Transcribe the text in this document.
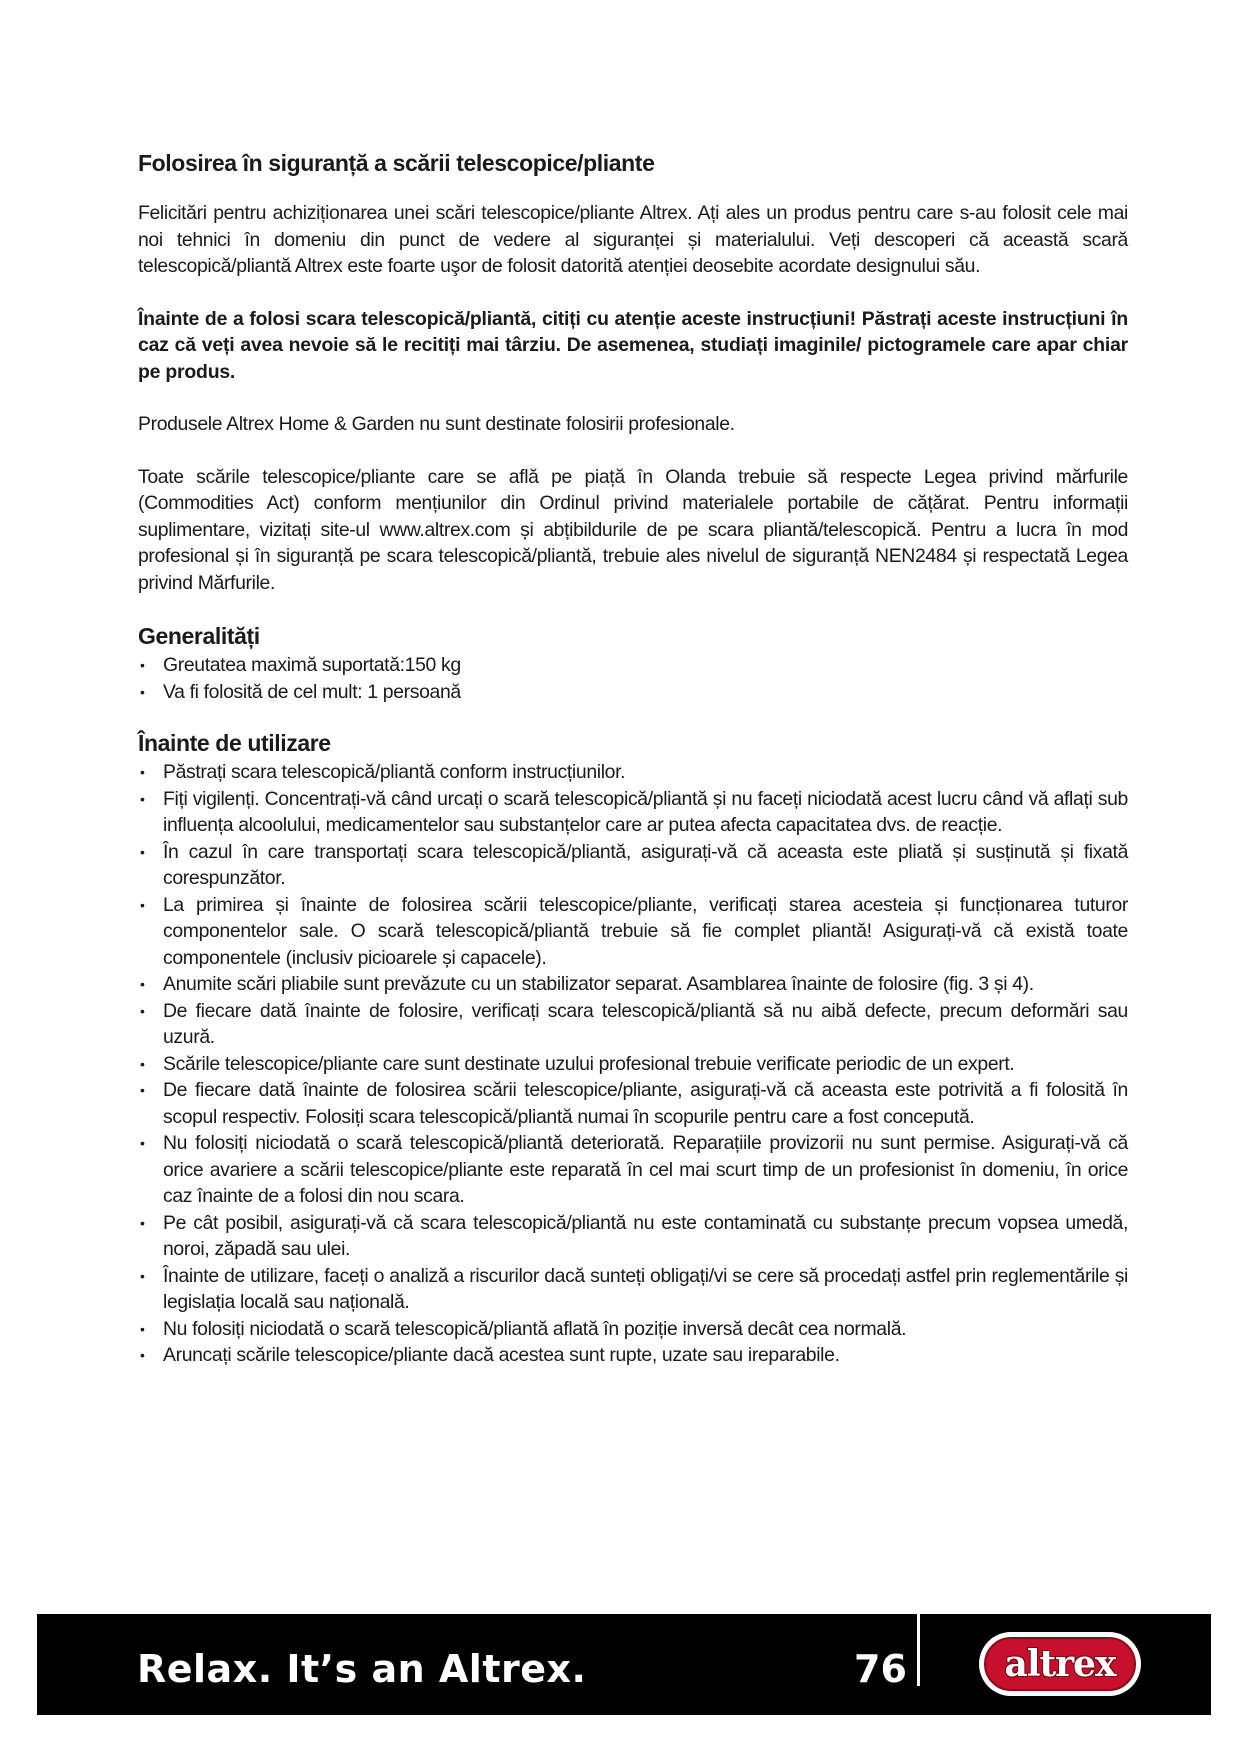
Folosirea în siguranță a scării telescopice/pliante

Felicitări pentru achiziționarea unei scări telescopice/pliante Altrex. Ați ales un produs pentru care s-au folosit cele mai noi tehnici în domeniu din punct de vedere al siguranței și materialului. Veți descoperi că această scară telescopică/pliantă Altrex este foarte uşor de folosit datorită atenției deosebite acordate designului său.

Înainte de a folosi scara telescopică/pliantă, citiți cu atenție aceste instrucțiuni! Păstrați aceste instrucțiuni în caz că veți avea nevoie să le recitiți mai târziu. De asemenea, studiați imaginile/ pictogramele care apar chiar pe produs.

Produsele Altrex Home & Garden nu sunt destinate folosirii profesionale.

Toate scările telescopice/pliante care se află pe piață în Olanda trebuie să respecte Legea privind mărfurile (Commodities Act) conform mențiunilor din Ordinul privind materialele portabile de cățărat. Pentru informații suplimentare, vizitați site-ul www.altrex.com și abțibildurile de pe scara pliantă/telescopică. Pentru a lucra în mod profesional și în siguranță pe scara telescopică/pliantă, trebuie ales nivelul de siguranță NEN2484 și respectată Legea privind Mărfurile.

Generalități
• Greutatea maximă suportată:150 kg
• Va fi folosită de cel mult: 1 persoană
Înainte de utilizare
• Păstrați scara telescopică/pliantă conform instrucțiunilor.
• Fiți vigilenți. Concentrați-vă când urcați o scară telescopică/pliantă și nu faceți niciodată acest lucru când vă aflați sub influența alcoolului, medicamentelor sau substanțelor care ar putea afecta capacitatea dvs. de reacție.
• În cazul în care transportați scara telescopică/pliantă, asigurați-vă că aceasta este pliată și susținută și fixată corespunzător.
• La primirea și înainte de folosirea scării telescopice/pliante, verificați starea acesteia și funcționarea tuturor componentelor sale. O scară telescopică/pliantă trebuie să fie complet pliantă! Asigurați-vă că există toate componentele (inclusiv picioarele și capacele).
• Anumite scări pliabile sunt prevăzute cu un stabilizator separat. Asamblarea înainte de folosire (fig. 3 și 4).
• De fiecare dată înainte de folosire, verificați scara telescopică/pliantă să nu aibă defecte, precum deformări sau uzură.
• Scările telescopice/pliante care sunt destinate uzului profesional trebuie verificate periodic de un expert.
• De fiecare dată înainte de folosirea scării telescopice/pliante, asigurați-vă că aceasta este potrivită a fi folosită în scopul respectiv. Folosiți scara telescopică/pliantă numai în scopurile pentru care a fost concepută.
• Nu folosiți niciodată o scară telescopică/pliantă deteriorată. Reparațiile provizorii nu sunt permise. Asigurați-vă că orice avariere a scării telescopice/pliante este reparată în cel mai scurt timp de un profesionist în domeniu, în orice caz înainte de a folosi din nou scara.
• Pe cât posibil, asigurați-vă că scara telescopică/pliantă nu este contaminată cu substanțe precum vopsea umedă, noroi, zăpadă sau ulei.
• Înainte de utilizare, faceți o analiză a riscurilor dacă sunteți obligați/vi se cere să procedați astfel prin reglementările și legislația locală sau națională.
• Nu folosiți niciodată o scară telescopică/pliantă aflată în poziție inversă decât cea normală.
• Aruncați scările telescopice/pliante dacă acestea sunt rupte, uzate sau ireparabile.
Relax. It’s an Altrex.	76	altrex
